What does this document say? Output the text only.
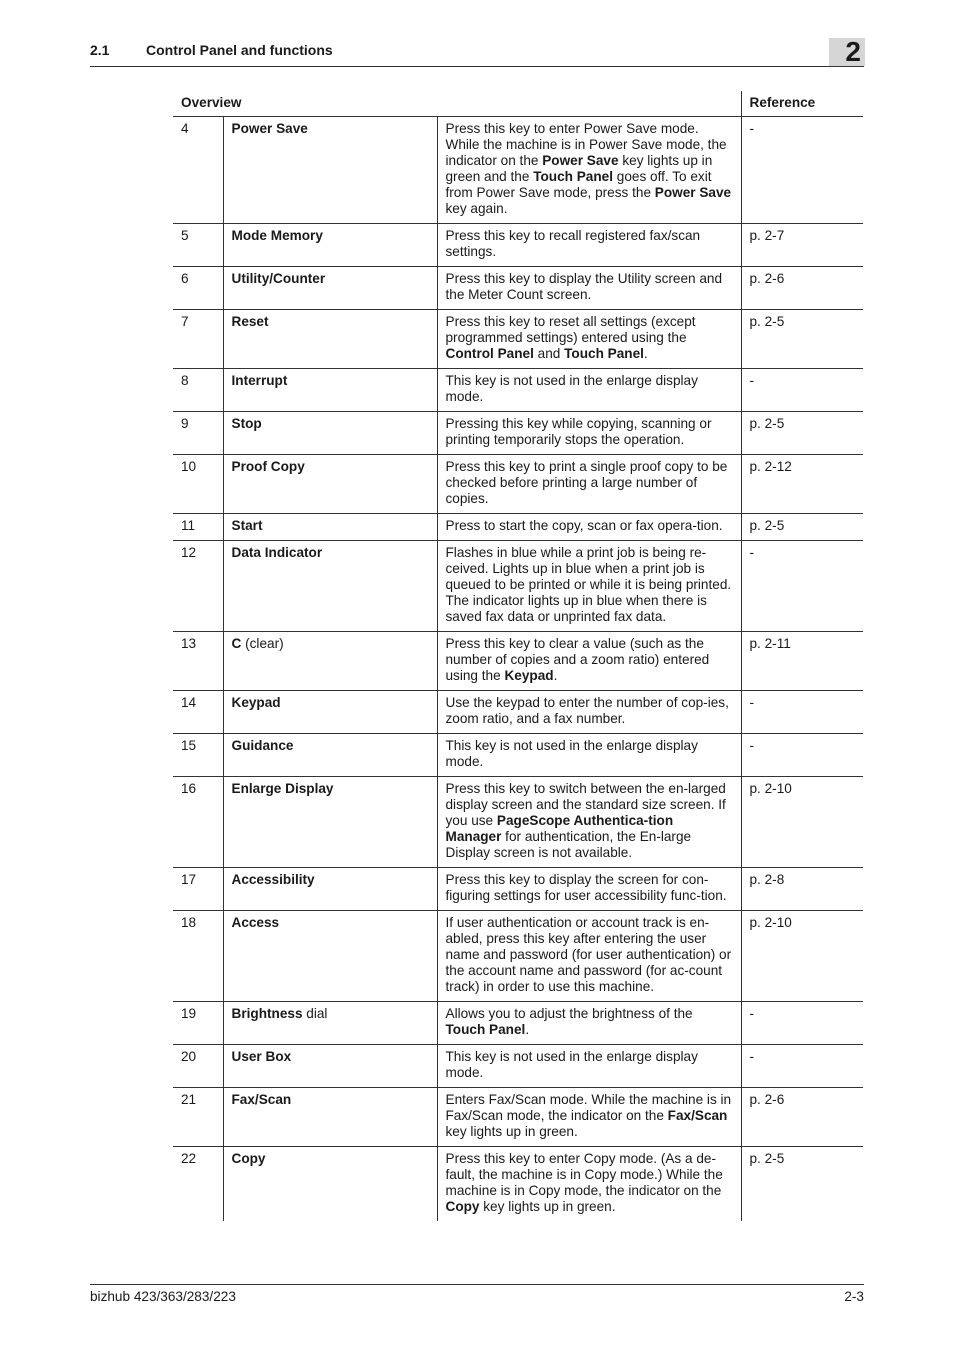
2.1	Control Panel and functions	2
Overview			Reference
4	Power Save	Press this key to enter Power Save mode. While the machine is in Power Save mode, the indicator on the Power Save key lights up in green and the Touch Panel goes off. To exit from Power Save mode, press the Power Save key again.	-
5	Mode Memory	Press this key to recall registered fax/scan settings.	p. 2-7
6	Utility/Counter	Press this key to display the Utility screen and the Meter Count screen.	p. 2-6
7	Reset	Press this key to reset all settings (except programmed settings) entered using the Control Panel and Touch Panel.	p. 2-5
8	Interrupt	This key is not used in the enlarge display mode.	-
9	Stop	Pressing this key while copying, scanning or printing temporarily stops the operation.	p. 2-5
10	Proof Copy	Press this key to print a single proof copy to be checked before printing a large number of copies.	p. 2-12
11	Start	Press to start the copy, scan or fax opera-tion.	p. 2-5
12	Data Indicator	Flashes in blue while a print job is being re-ceived. Lights up in blue when a print job is queued to be printed or while it is being printed. The indicator lights up in blue when there is saved fax data or unprinted fax data.	-
13	C (clear)	Press this key to clear a value (such as the number of copies and a zoom ratio) entered using the Keypad.	p. 2-11
14	Keypad	Use the keypad to enter the number of cop-ies, zoom ratio, and a fax number.	-
15	Guidance	This key is not used in the enlarge display mode.	-
16	Enlarge Display	Press this key to switch between the en-larged display screen and the standard size screen. If you use PageScope Authentica-tion Manager for authentication, the En-large Display screen is not available.	p. 2-10
17	Accessibility	Press this key to display the screen for con-figuring settings for user accessibility func-tion.	p. 2-8
18	Access	If user authentication or account track is en-abled, press this key after entering the user name and password (for user authentication) or the account name and password (for ac-count track) in order to use this machine.	p. 2-10
19	Brightness dial	Allows you to adjust the brightness of the Touch Panel.	-
20	User Box	This key is not used in the enlarge display mode.	-
21	Fax/Scan	Enters Fax/Scan mode. While the machine is in Fax/Scan mode, the indicator on the Fax/Scan key lights up in green.	p. 2-6
22	Copy	Press this key to enter Copy mode. (As a de-fault, the machine is in Copy mode.) While the machine is in Copy mode, the indicator on the Copy key lights up in green.	p. 2-5
bizhub 423/363/283/223	2-3
